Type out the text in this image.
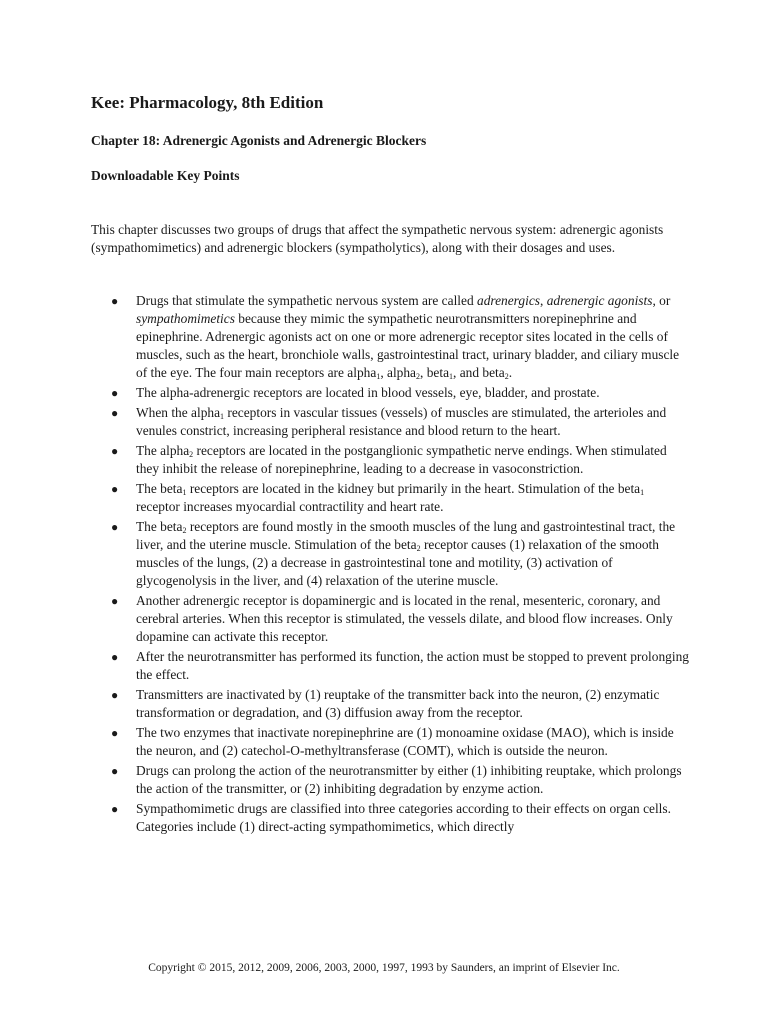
Kee: Pharmacology, 8th Edition
Chapter 18: Adrenergic Agonists and Adrenergic Blockers
Downloadable Key Points

This chapter discusses two groups of drugs that affect the sympathetic nervous system: adrenergic agonists (sympathomimetics) and adrenergic blockers (sympatholytics), along with their dosages and uses.

● Drugs that stimulate the sympathetic nervous system are called adrenergics, adrenergic agonists, or sympathomimetics because they mimic the sympathetic neurotransmitters norepinephrine and epinephrine. Adrenergic agonists act on one or more adrenergic receptor sites located in the cells of muscles, such as the heart, bronchiole walls, gastrointestinal tract, urinary bladder, and ciliary muscle of the eye. The four main receptors are alpha$_1$, alpha$_2$, beta$_1$, and beta$_2$.
● The alpha-adrenergic receptors are located in blood vessels, eye, bladder, and prostate.
● When the alpha$_1$ receptors in vascular tissues (vessels) of muscles are stimulated, the arterioles and venules constrict, increasing peripheral resistance and blood return to the heart.
● The alpha$_2$ receptors are located in the postganglionic sympathetic nerve endings. When stimulated they inhibit the release of norepinephrine, leading to a decrease in vasoconstriction.
● The beta$_1$ receptors are located in the kidney but primarily in the heart. Stimulation of the beta$_1$ receptor increases myocardial contractility and heart rate.
● The beta$_2$ receptors are found mostly in the smooth muscles of the lung and gastrointestinal tract, the liver, and the uterine muscle. Stimulation of the beta$_2$ receptor causes (1) relaxation of the smooth muscles of the lungs, (2) a decrease in gastrointestinal tone and motility, (3) activation of glycogenolysis in the liver, and (4) relaxation of the uterine muscle.
● Another adrenergic receptor is dopaminergic and is located in the renal, mesenteric, coronary, and cerebral arteries. When this receptor is stimulated, the vessels dilate, and blood flow increases. Only dopamine can activate this receptor.
● After the neurotransmitter has performed its function, the action must be stopped to prevent prolonging the effect.
● Transmitters are inactivated by (1) reuptake of the transmitter back into the neuron, (2) enzymatic transformation or degradation, and (3) diffusion away from the receptor.
● The two enzymes that inactivate norepinephrine are (1) monoamine oxidase (MAO), which is inside the neuron, and (2) catechol-O-methyltransferase (COMT), which is outside the neuron.
● Drugs can prolong the action of the neurotransmitter by either (1) inhibiting reuptake, which prolongs the action of the transmitter, or (2) inhibiting degradation by enzyme action.
● Sympathomimetic drugs are classified into three categories according to their effects on organ cells. Categories include (1) direct-acting sympathomimetics, which directly
Copyright © 2015, 2012, 2009, 2006, 2003, 2000, 1997, 1993 by Saunders, an imprint of Elsevier Inc.
